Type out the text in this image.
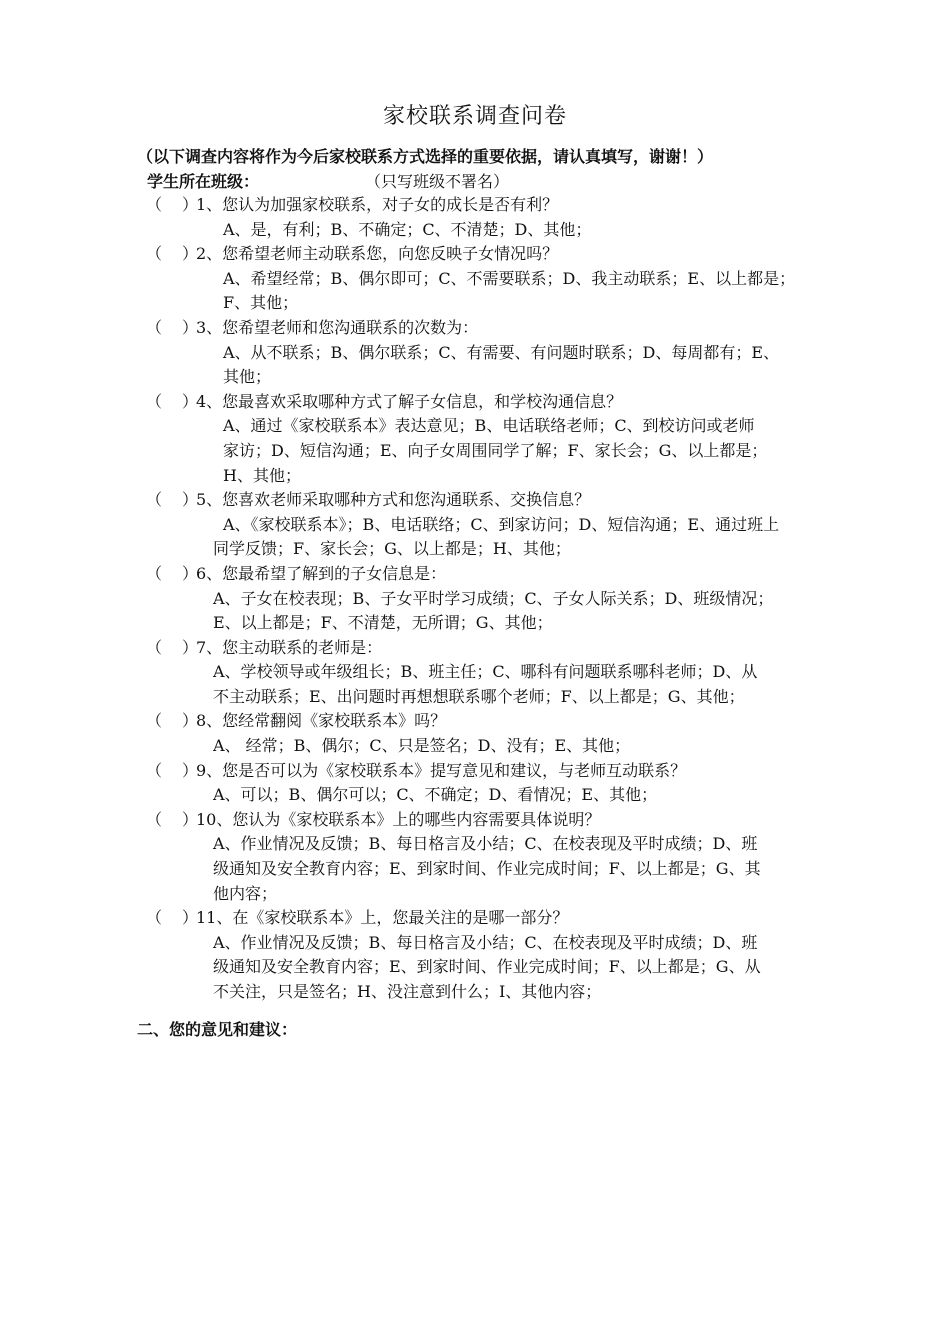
家校联系调查问卷
（以下调查内容将作为今后家校联系方式选择的重要依据，请认真填写，谢谢！）
学生所在班级：	（只写班级不署名）
（ ）
1、您认为加强家校联系，对子女的成长是否有利？
A、是，有利；B、不确定；C、不清楚；D、其他；
（ ）
2、您希望老师主动联系您，向您反映子女情况吗？
A、希望经常；B、偶尔即可；C、不需要联系；D、我主动联系；E、以上都是；
F、其他；
（ ）
3、您希望老师和您沟通联系的次数为：
A、从不联系；B、偶尔联系；C、有需要、有问题时联系；D、每周都有；E、
其他；
（ ）
4、您最喜欢采取哪种方式了解子女信息，和学校沟通信息？
A、通过《家校联系本》表达意见；B、电话联络老师；C、到校访问或老师
家访；D、短信沟通；E、向子女周围同学了解；F、家长会；G、以上都是；
H、其他；
（ ）
5、您喜欢老师采取哪种方式和您沟通联系、交换信息？
A、《家校联系本》；B、电话联络；C、到家访问；D、短信沟通；E、通过班上
同学反馈；F、家长会；G、以上都是；H、其他；
（ ）
6、您最希望了解到的子女信息是：
A、子女在校表现；B、子女平时学习成绩；C、子女人际关系；D、班级情况；
E、以上都是；F、不清楚，无所谓；G、其他；
（ ）
7、您主动联系的老师是：
A、学校领导或年级组长；B、班主任；C、哪科有问题联系哪科老师；D、从
不主动联系；E、出问题时再想想联系哪个老师；F、以上都是；G、其他；
（ ）
8、您经常翻阅《家校联系本》吗？
A、 经常；B、偶尔；C、只是签名；D、没有；E、其他；
（ ）
9、您是否可以为《家校联系本》提写意见和建议，与老师互动联系？
A、可以；B、偶尔可以；C、不确定；D、看情况；E、其他；
（ ）
10、您认为《家校联系本》上的哪些内容需要具体说明？
A、作业情况及反馈；B、每日格言及小结；C、在校表现及平时成绩；D、班
级通知及安全教育内容；E、到家时间、作业完成时间；F、以上都是；G、其
他内容；
（ ）
11、在《家校联系本》上，您最关注的是哪一部分？
A、作业情况及反馈；B、每日格言及小结；C、在校表现及平时成绩；D、班
级通知及安全教育内容；E、到家时间、作业完成时间；F、以上都是；G、从
不关注，只是签名；H、没注意到什么；I、其他内容；
二、您的意见和建议：
